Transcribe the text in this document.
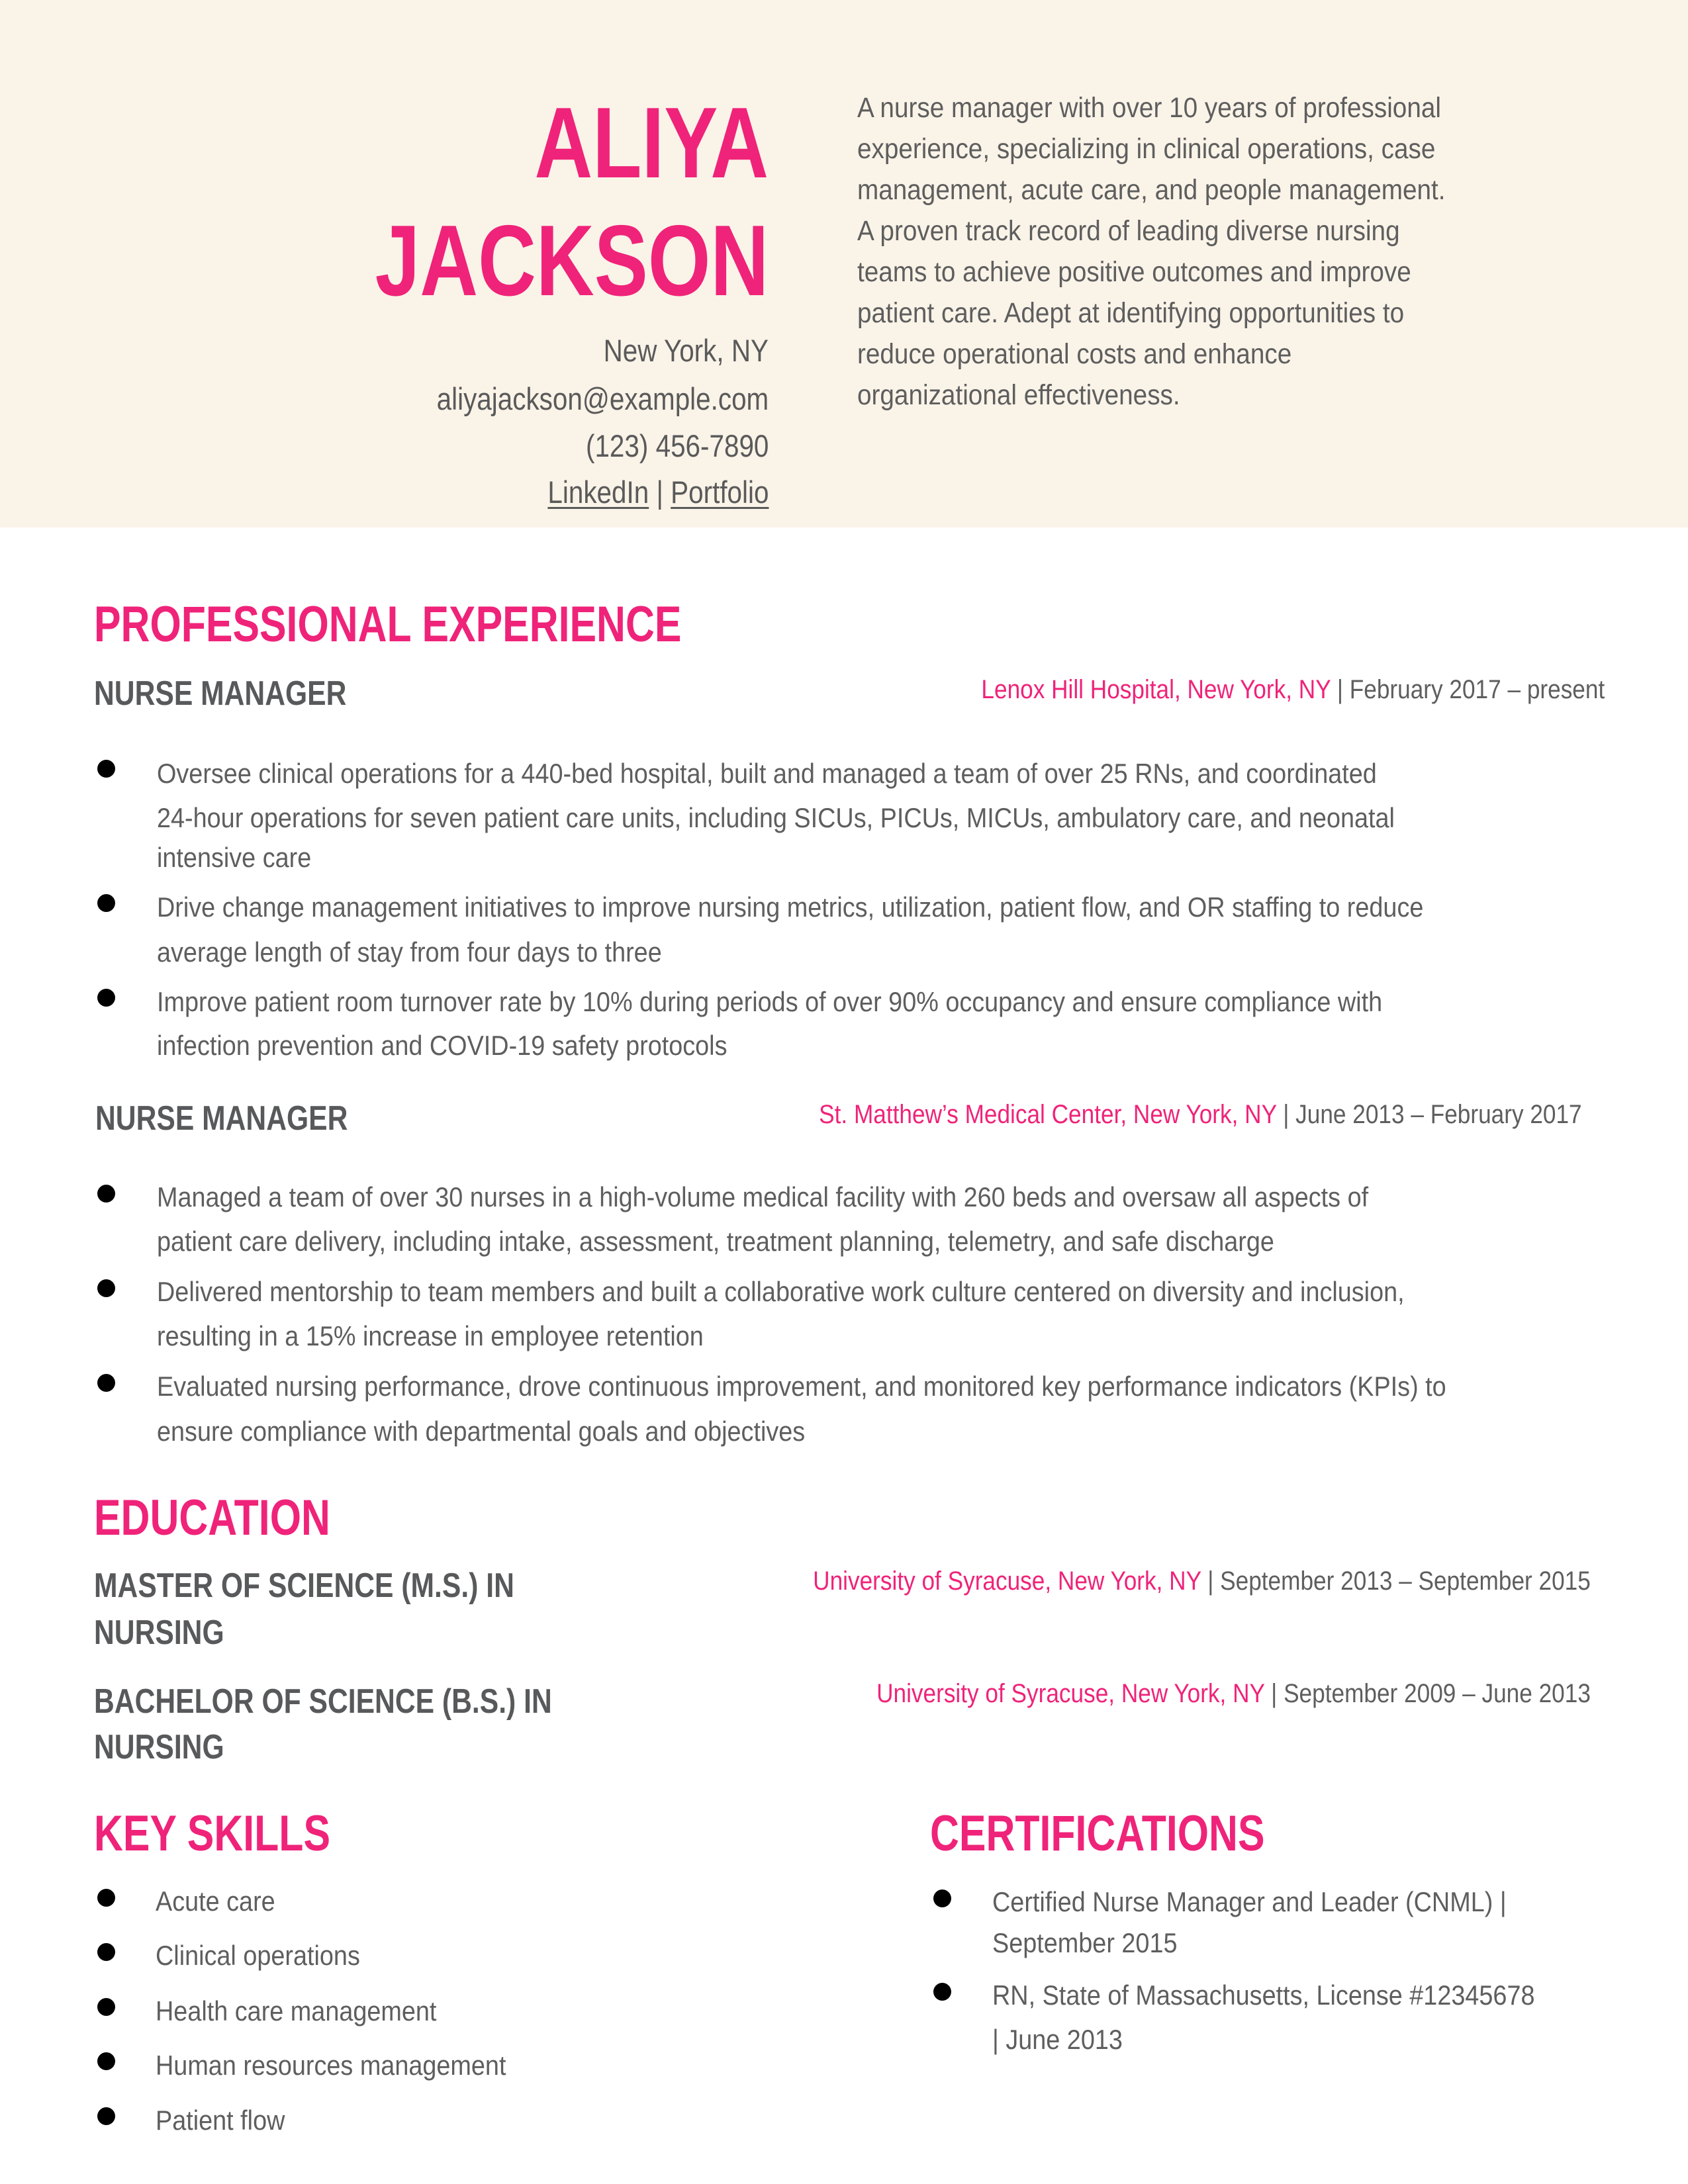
ALIYA
JACKSON
New York, NY
aliyajackson@example.com
(123) 456-7890
LinkedIn | Portfolio
A nurse manager with over 10 years of professional
experience, specializing in clinical operations, case
management, acute care, and people management.
A proven track record of leading diverse nursing
teams to achieve positive outcomes and improve
patient care. Adept at identifying opportunities to
reduce operational costs and enhance
organizational effectiveness.
PROFESSIONAL EXPERIENCE
NURSE MANAGER	Lenox Hill Hospital, New York, NY | February 2017 – present
Oversee clinical operations for a 440-bed hospital, built and managed a team of over 25 RNs, and coordinated
24-hour operations for seven patient care units, including SICUs, PICUs, MICUs, ambulatory care, and neonatal
intensive care
Drive change management initiatives to improve nursing metrics, utilization, patient flow, and OR staffing to reduce
average length of stay from four days to three
Improve patient room turnover rate by 10% during periods of over 90% occupancy and ensure compliance with
infection prevention and COVID-19 safety protocols
NURSE MANAGER	St. Matthew’s Medical Center, New York, NY | June 2013 – February 2017
Managed a team of over 30 nurses in a high-volume medical facility with 260 beds and oversaw all aspects of
patient care delivery, including intake, assessment, treatment planning, telemetry, and safe discharge
Delivered mentorship to team members and built a collaborative work culture centered on diversity and inclusion,
resulting in a 15% increase in employee retention
Evaluated nursing performance, drove continuous improvement, and monitored key performance indicators (KPIs) to
ensure compliance with departmental goals and objectives
EDUCATION
MASTER OF SCIENCE (M.S.) IN
NURSING
University of Syracuse, New York, NY | September 2013 – September 2015
BACHELOR OF SCIENCE (B.S.) IN
NURSING
University of Syracuse, New York, NY | September 2009 – June 2013
KEY SKILLS
Acute care
Clinical operations
Health care management
Human resources management
Patient flow
CERTIFICATIONS
Certified Nurse Manager and Leader (CNML) |
September 2015
RN, State of Massachusetts, License #12345678
| June 2013
